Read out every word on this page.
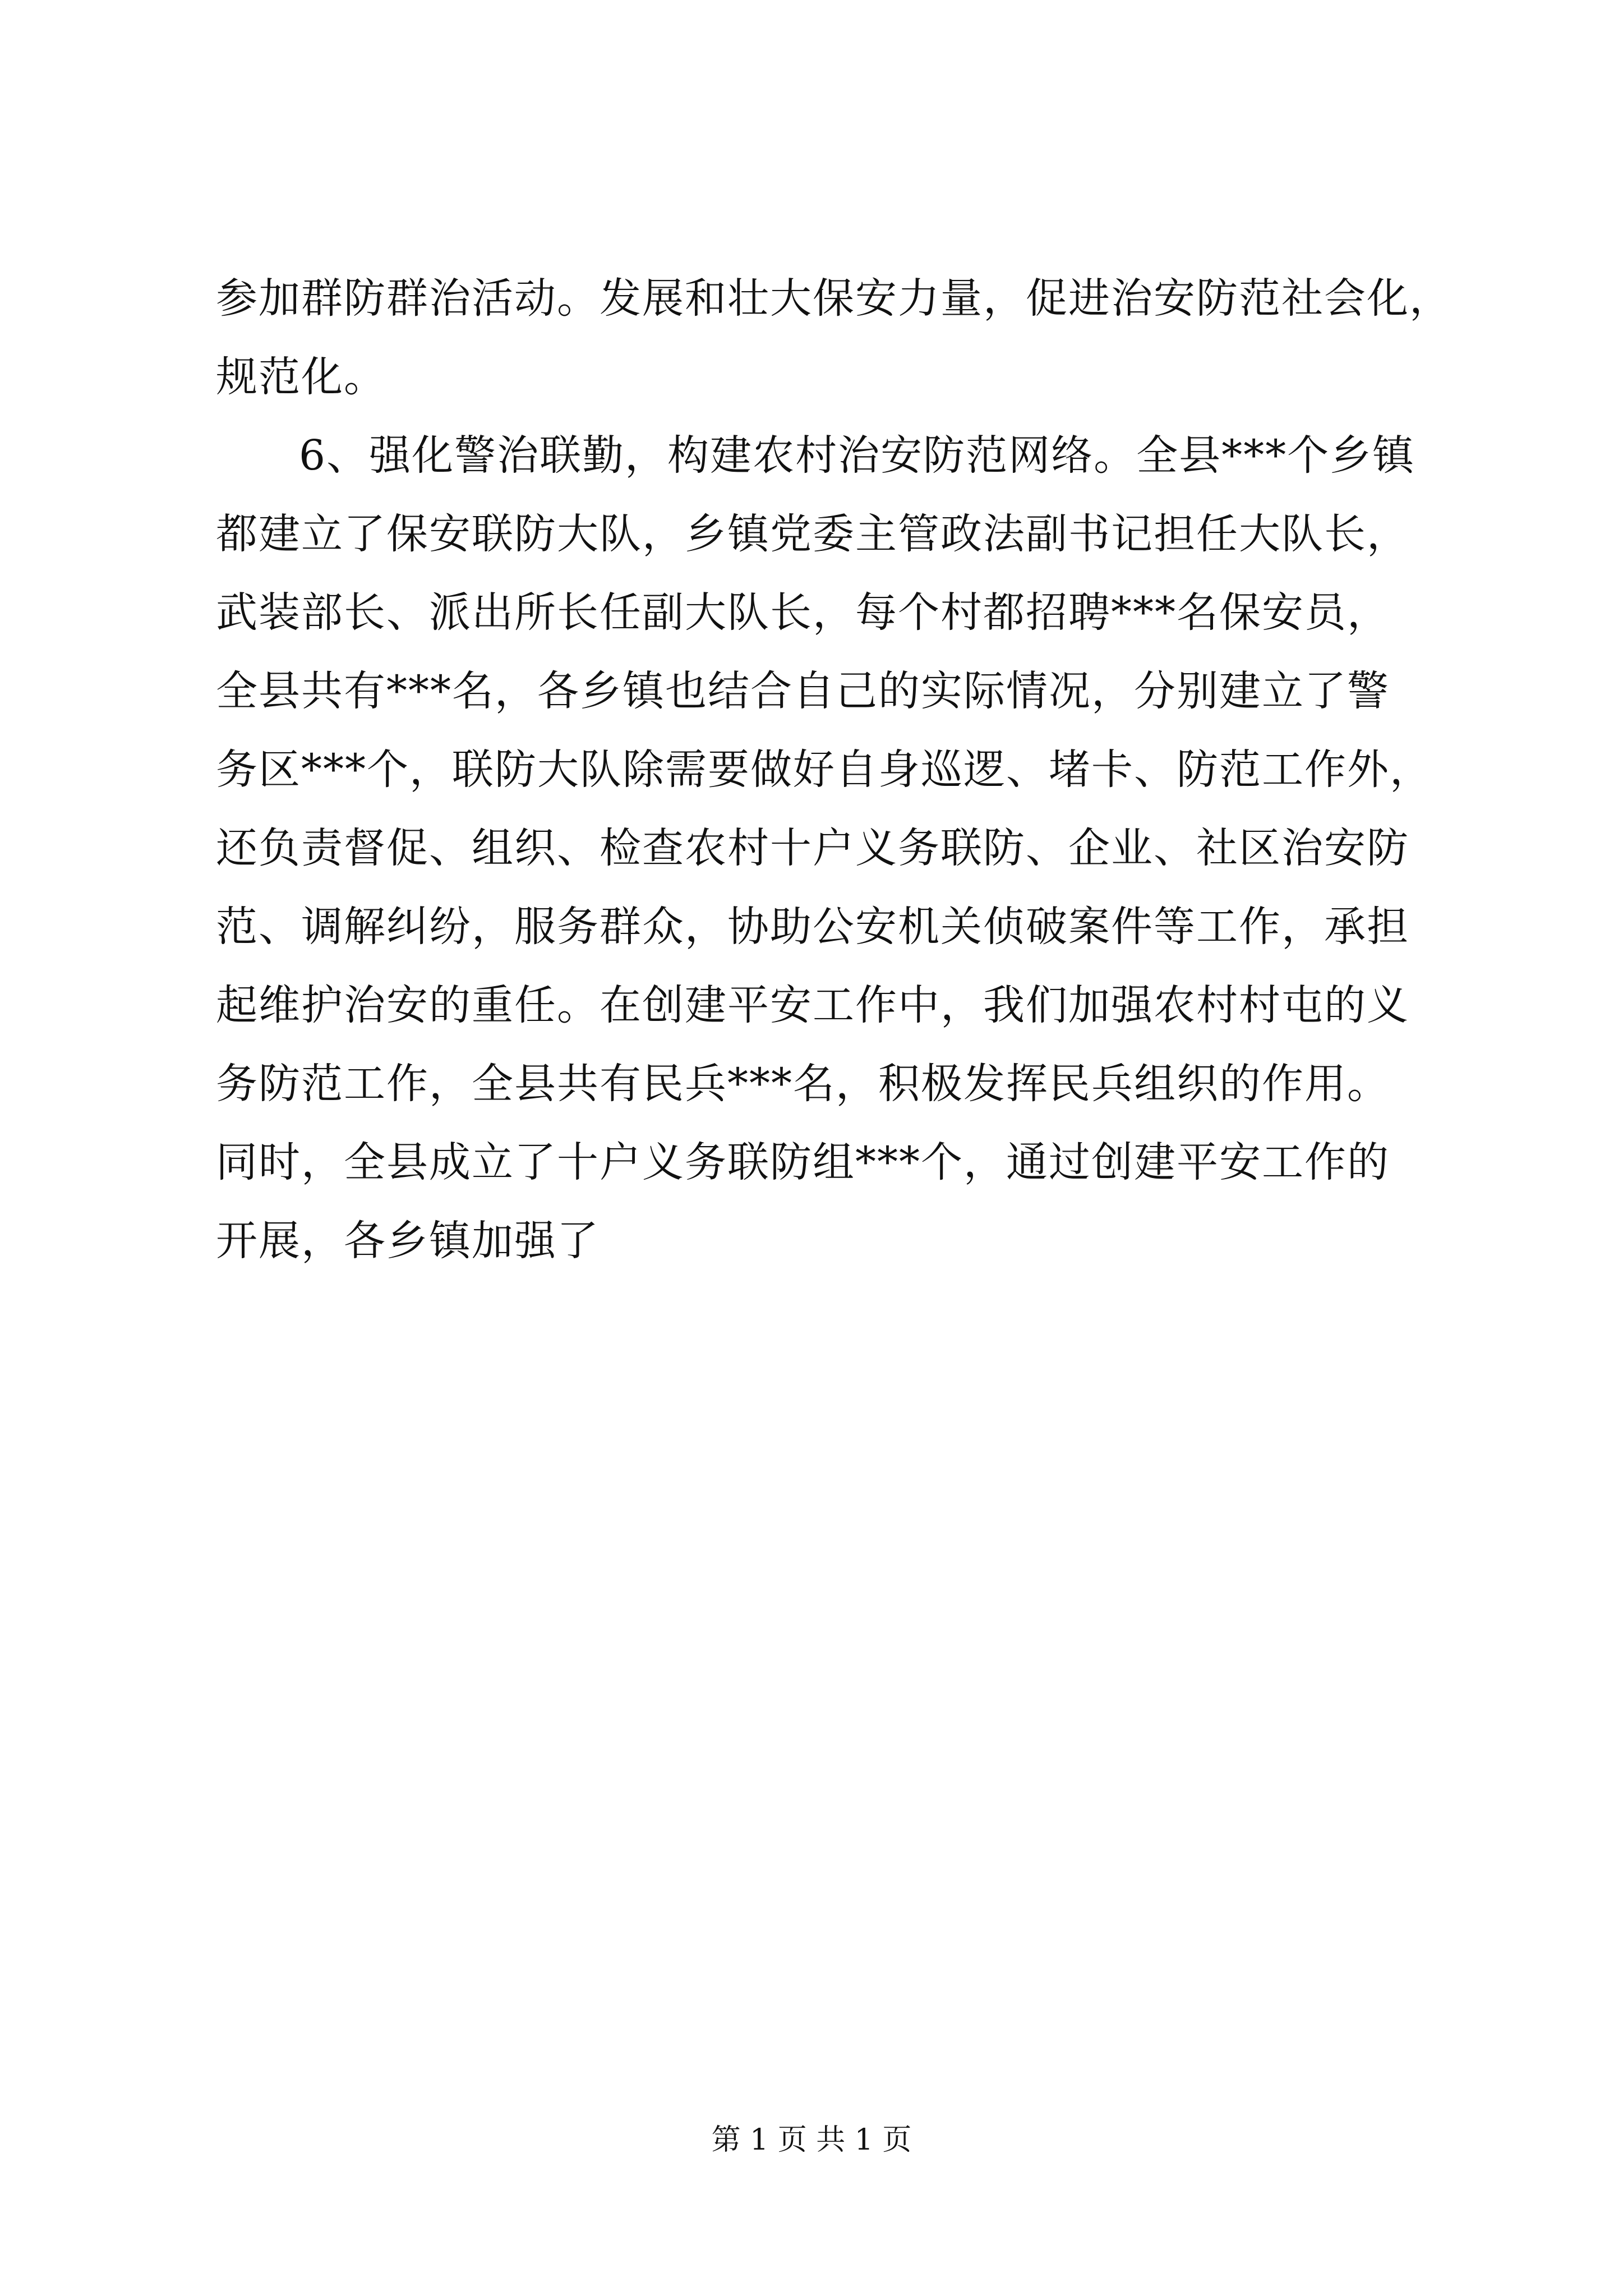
参加群防群治活动。发展和壮大保安力量，促进治安防范社会化，
规范化。
6、强化警治联勤，构建农村治安防范网络。全县***个乡镇
都建立了保安联防大队，乡镇党委主管政法副书记担任大队长，
武装部长、派出所长任副大队长，每个村都招聘***名保安员，
全县共有***名，各乡镇也结合自己的实际情况，分别建立了警
务区***个，联防大队除需要做好自身巡逻、堵卡、防范工作外，
还负责督促、组织、检查农村十户义务联防、企业、社区治安防
范、调解纠纷，服务群众，协助公安机关侦破案件等工作，承担
起维护治安的重任。在创建平安工作中，我们加强农村村屯的义
务防范工作，全县共有民兵***名，积极发挥民兵组织的作用。
同时，全县成立了十户义务联防组***个，通过创建平安工作的
开展，各乡镇加强了
第 1 页 共 1 页
